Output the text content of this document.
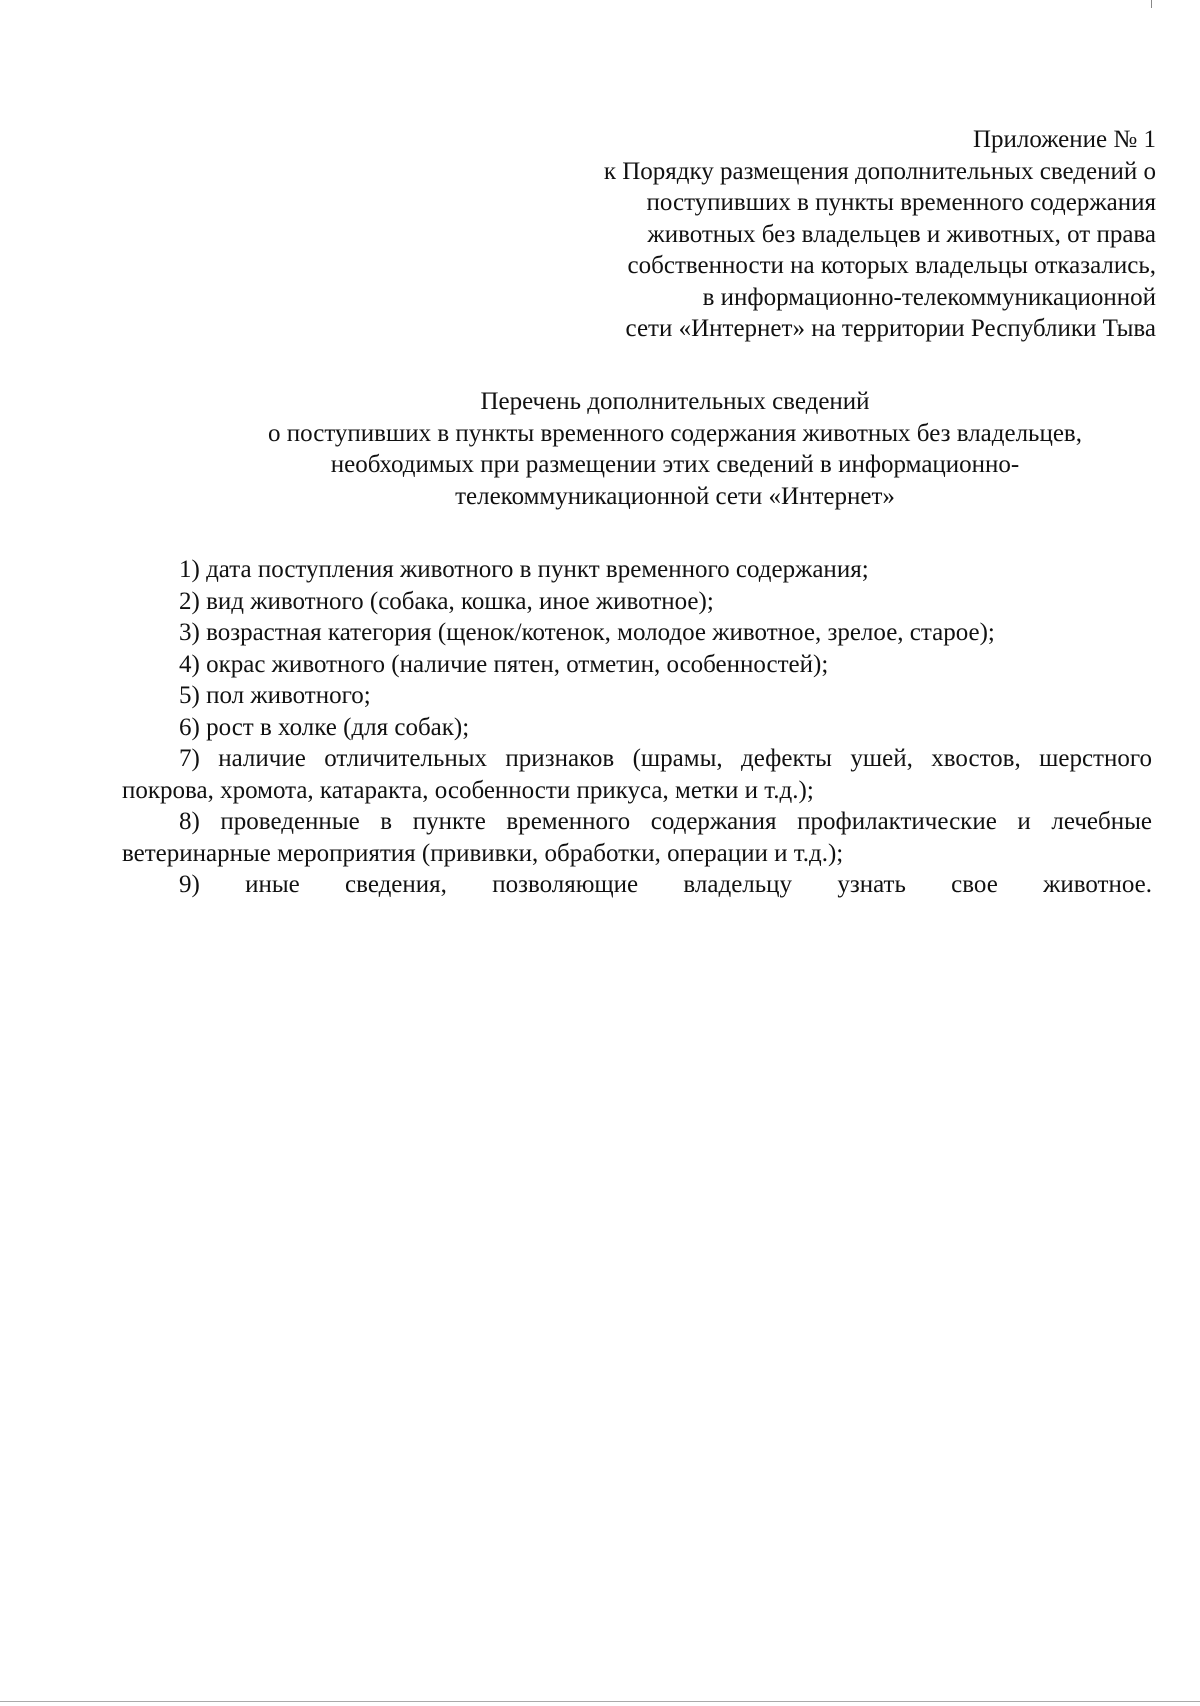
Приложение № 1
к Порядку размещения дополнительных сведений о
поступивших в пункты временного содержания
животных без владельцев и животных, от права
собственности на которых владельцы отказались,
в информационно-телекоммуникационной
сети «Интернет» на территории Республики Тыва
Перечень дополнительных сведений
о поступивших в пункты временного содержания животных без владельцев,
необходимых при размещении этих сведений в информационно-
телекоммуникационной сети «Интернет»
1) дата поступления животного в пункт временного содержания;
2) вид животного (собака, кошка, иное животное);
3) возрастная категория (щенок/котенок, молодое животное, зрелое, старое);
4) окрас животного (наличие пятен, отметин, особенностей);
5) пол животного;
6) рост в холке (для собак);
7) наличие отличительных признаков (шрамы, дефекты ушей, хвостов, шерстного покрова, хромота, катаракта, особенности прикуса, метки и т.д.);
8) проведенные в пункте временного содержания профилактические и лечебные ветеринарные мероприятия (прививки, обработки, операции и т.д.);
9) иные сведения, позволяющие владельцу узнать свое животное.
